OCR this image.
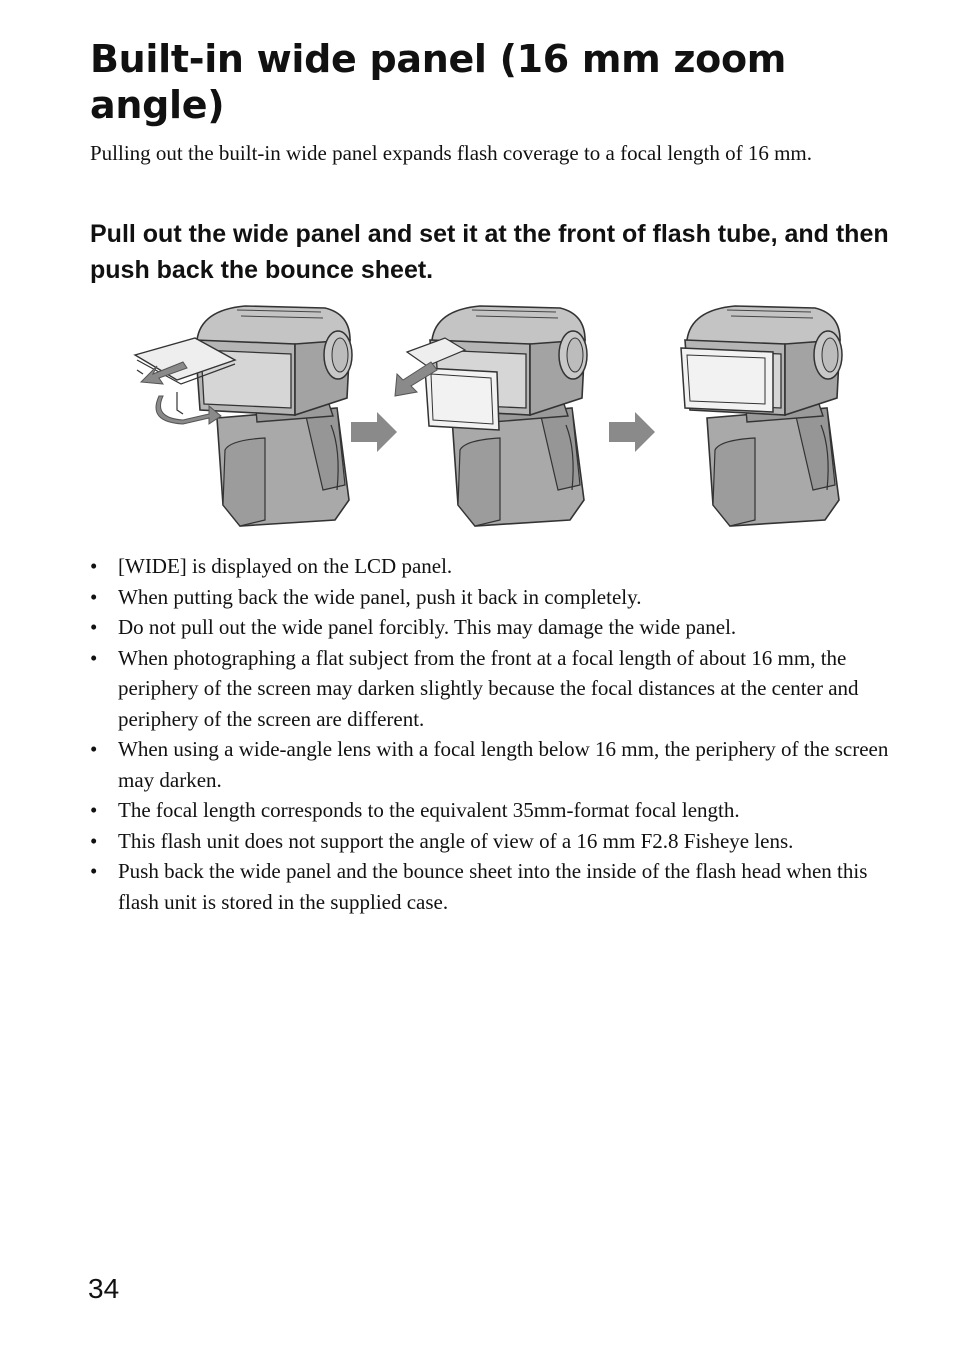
Built-in wide panel (16 mm zoom angle)

Pulling out the built-in wide panel expands flash coverage to a focal length of 16 mm.

Pull out the wide panel and set it at the front of flash tube, and then push back the bounce sheet.
• [WIDE] is displayed on the LCD panel.
• When putting back the wide panel, push it back in completely.
• Do not pull out the wide panel forcibly. This may damage the wide panel.
• When photographing a flat subject from the front at a focal length of about 16 mm, the periphery of the screen may darken slightly because the focal distances at the center and periphery of the screen are different.
• When using a wide-angle lens with a focal length below 16 mm, the periphery of the screen may darken.
• The focal length corresponds to the equivalent 35mm-format focal length.
• This flash unit does not support the angle of view of a 16 mm F2.8 Fisheye lens.
• Push back the wide panel and the bounce sheet into the inside of the flash head when this flash unit is stored in the supplied case.

34
